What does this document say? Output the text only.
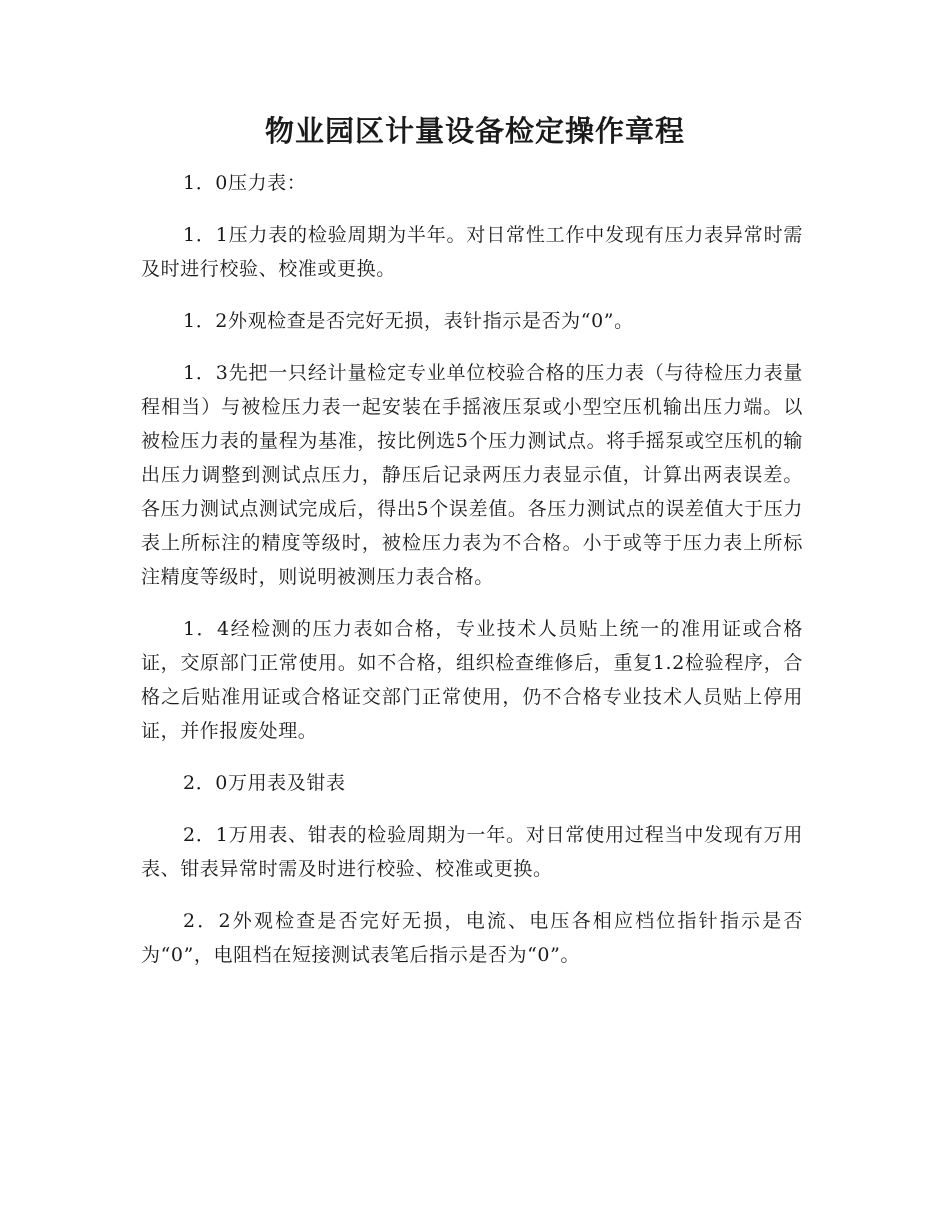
物业园区计量设备检定操作章程

1．0压力表：

1．1压力表的检验周期为半年。对日常性工作中发现有压力表异常时需及时进行校验、校准或更换。

1．2外观检查是否完好无损，表针指示是否为“0”。

1．3先把一只经计量检定专业单位校验合格的压力表（与待检压力表量程相当）与被检压力表一起安装在手摇液压泵或小型空压机输出压力端。以被检压力表的量程为基准，按比例选5个压力测试点。将手摇泵或空压机的输出压力调整到测试点压力，静压后记录两压力表显示值，计算出两表误差。各压力测试点测试完成后，得出5个误差值。各压力测试点的误差值大于压力表上所标注的精度等级时，被检压力表为不合格。小于或等于压力表上所标注精度等级时，则说明被测压力表合格。

1．4经检测的压力表如合格，专业技术人员贴上统一的准用证或合格证，交原部门正常使用。如不合格，组织检查维修后，重复1.2检验程序，合格之后贴准用证或合格证交部门正常使用，仍不合格专业技术人员贴上停用证，并作报废处理。

2．0万用表及钳表

2．1万用表、钳表的检验周期为一年。对日常使用过程当中发现有万用表、钳表异常时需及时进行校验、校准或更换。

2．2外观检查是否完好无损，电流、电压各相应档位指针指示是否为“0”，电阻档在短接测试表笔后指示是否为“0”。
